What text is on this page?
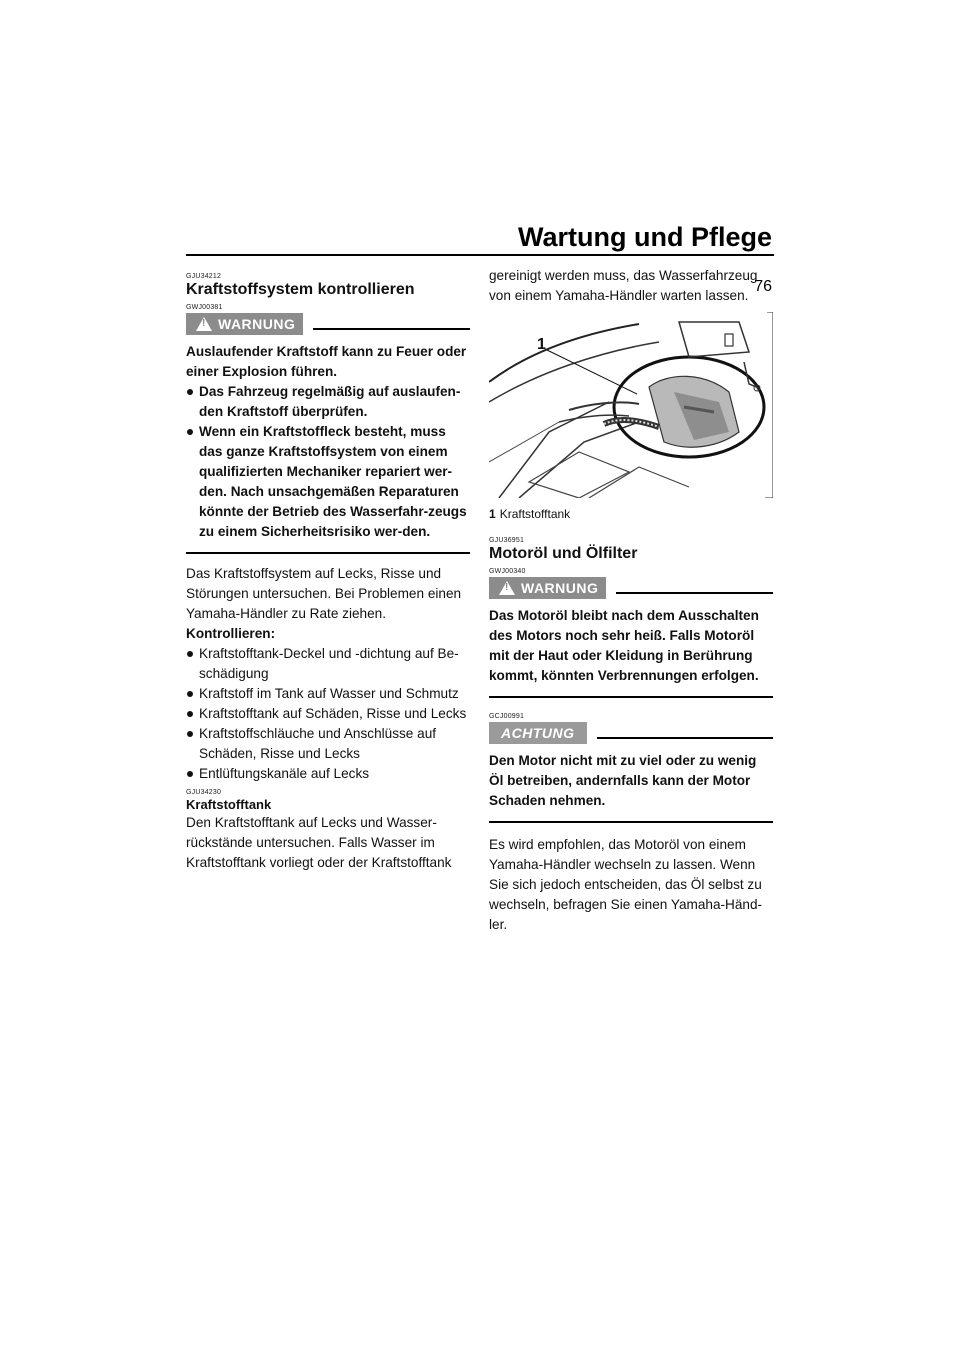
Wartung und Pflege
76
GJU34212
Kraftstoffsystem kontrollieren
GWJ00381
!
WARNUNG

Auslaufender Kraftstoff kann zu Feuer oder einer Explosion führen.

Das Fahrzeug regelmäßig auf auslaufen-den Kraftstoff überprüfen.
Wenn ein Kraftstoffleck besteht, muss das ganze Kraftstoffsystem von einem qualifizierten Mechaniker repariert wer-den. Nach unsachgemäßen Reparaturen könnte der Betrieb des Wasserfahr-zeugs zu einem Sicherheitsrisiko wer-den.

Das Kraftstoffsystem auf Lecks, Risse und Störungen untersuchen. Bei Problemen einen Yamaha-Händler zu Rate ziehen.

Kontrollieren:

Kraftstofftank-Deckel und -dichtung auf Be-schädigung
Kraftstoff im Tank auf Wasser und Schmutz
Kraftstofftank auf Schäden, Risse und Lecks
Kraftstoffschläuche und Anschlüsse auf Schäden, Risse und Lecks
Entlüftungskanäle auf Lecks
GJU34230
Kraftstofftank

Den Kraftstofftank auf Lecks und Wasser-rückstände untersuchen. Falls Wasser im Kraftstofftank vorliegt oder der Kraftstofftank

gereinigt werden muss, das Wasserfahrzeug von einem Yamaha-Händler warten lassen.

1
1 Kraftstofftank
GJU36951
Motoröl und Ölfilter
GWJ00340
!
WARNUNG

Das Motoröl bleibt nach dem Ausschalten des Motors noch sehr heiß. Falls Motoröl mit der Haut oder Kleidung in Berührung kommt, könnten Verbrennungen erfolgen.

GCJ00991
ACHTUNG

Den Motor nicht mit zu viel oder zu wenig Öl betreiben, andernfalls kann der Motor Schaden nehmen.

Es wird empfohlen, das Motoröl von einem Yamaha-Händler wechseln zu lassen. Wenn Sie sich jedoch entscheiden, das Öl selbst zu wechseln, befragen Sie einen Yamaha-Händ-ler.
